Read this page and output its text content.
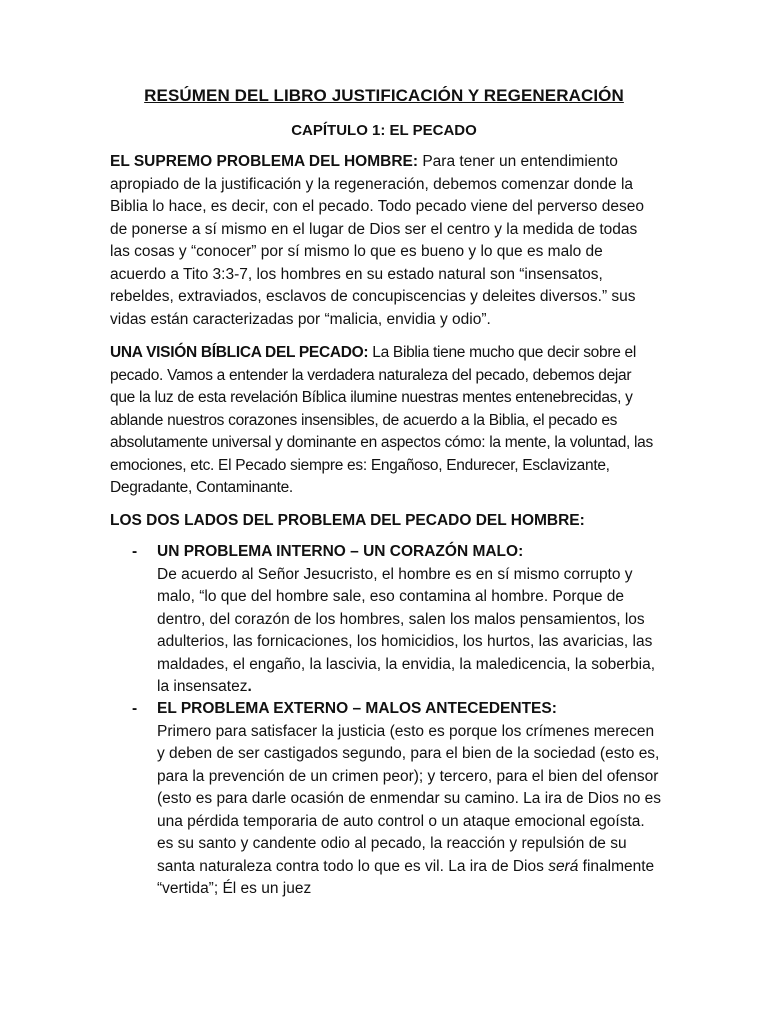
RESÚMEN DEL LIBRO JUSTIFICACIÓN Y REGENERACIÓN
CAPÍTULO 1: EL PECADO

EL SUPREMO PROBLEMA DEL HOMBRE: Para tener un entendimiento apropiado de la justificación y la regeneración, debemos comenzar donde la Biblia lo hace, es decir, con el pecado. Todo pecado viene del perverso deseo de ponerse a sí mismo en el lugar de Dios ser el centro y la medida de todas las cosas y “conocer” por sí mismo lo que es bueno y lo que es malo de acuerdo a Tito 3:3-7, los hombres en su estado natural son “insensatos, rebeldes, extraviados, esclavos de concupiscencias y deleites diversos.” sus vidas están caracterizadas por “malicia, envidia y odio”.

UNA VISIÓN BÍBLICA DEL PECADO: La Biblia tiene mucho que decir sobre el pecado. Vamos a entender la verdadera naturaleza del pecado, debemos dejar que la luz de esta revelación Bíblica ilumine nuestras mentes entenebrecidas, y ablande nuestros corazones insensibles, de acuerdo a la Biblia, el pecado es absolutamente universal y dominante en aspectos cómo: la mente, la voluntad, las emociones, etc. El Pecado siempre es: Engañoso, Endurecer, Esclavizante, Degradante, Contaminante.

LOS DOS LADOS DEL PROBLEMA DEL PECADO DEL HOMBRE:

- UN PROBLEMA INTERNO – UN CORAZÓN MALO:

De acuerdo al Señor Jesucristo, el hombre es en sí mismo corrupto y malo, “lo que del hombre sale, eso contamina al hombre. Porque de dentro, del corazón de los hombres, salen los malos pensamientos, los adulterios, las fornicaciones, los homicidios, los hurtos, las avaricias, las maldades, el engaño, la lascivia, la envidia, la maledicencia, la soberbia, la insensatez.

- EL PROBLEMA EXTERNO – MALOS ANTECEDENTES:

Primero para satisfacer la justicia (esto es porque los crímenes merecen y deben de ser castigados segundo, para el bien de la sociedad (esto es, para la prevención de un crimen peor); y tercero, para el bien del ofensor (esto es para darle ocasión de enmendar su camino. La ira de Dios no es una pérdida temporaria de auto control o un ataque emocional egoísta. es su santo y candente odio al pecado, la reacción y repulsión de su santa naturaleza contra todo lo que es vil. La ira de Dios será finalmente “vertida”; Él es un juez
